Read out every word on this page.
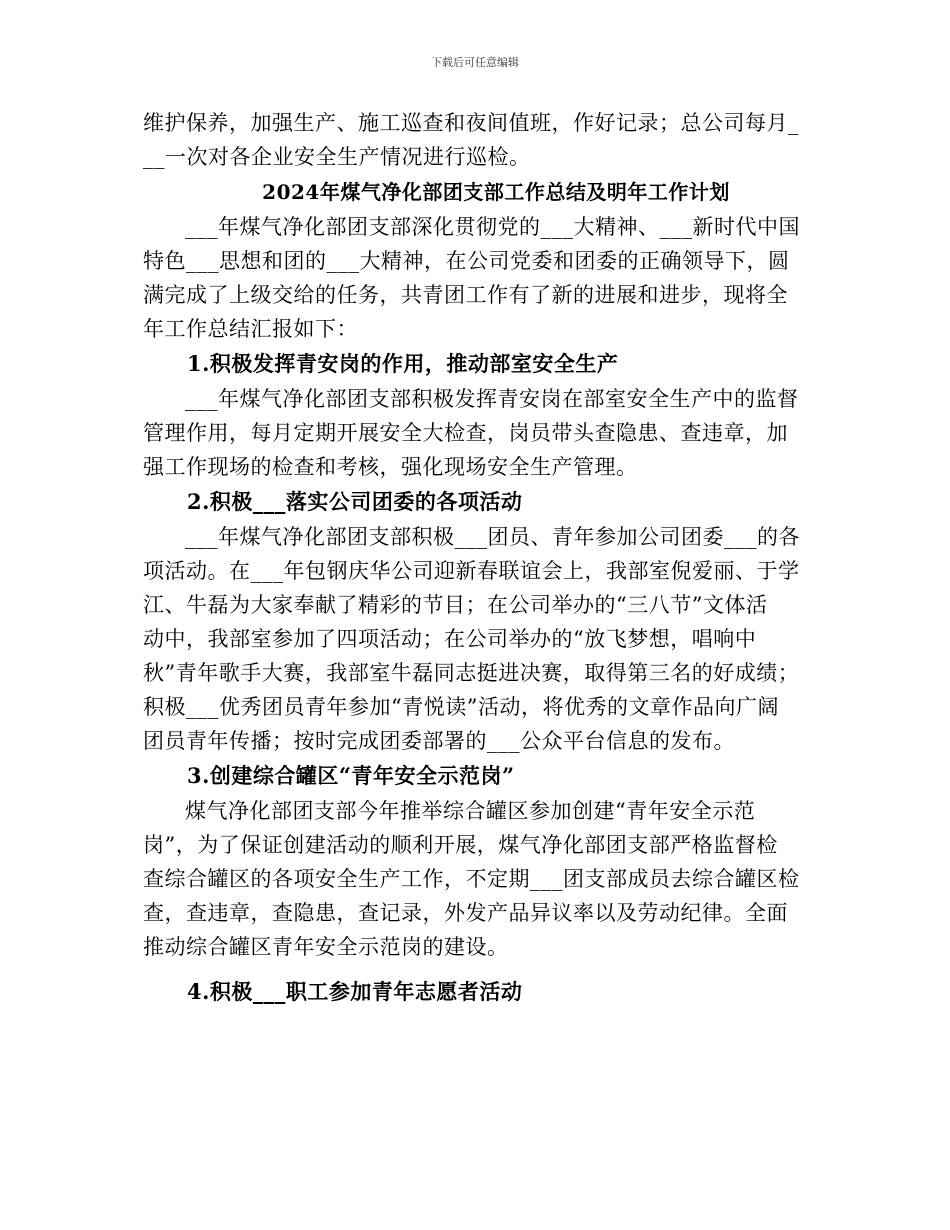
下载后可任意编辑
维护保养，加强生产、施工巡查和夜间值班，作好记录；总公司每月_
__一次对各企业安全生产情况进行巡检。
2024年煤气净化部团支部工作总结及明年工作计划
___年煤气净化部团支部深化贯彻党的___大精神、___新时代中国
特色___思想和团的___大精神，在公司党委和团委的正确领导下，圆
满完成了上级交给的任务，共青团工作有了新的进展和进步，现将全
年工作总结汇报如下：
1.积极发挥青安岗的作用，推动部室安全生产
___年煤气净化部团支部积极发挥青安岗在部室安全生产中的监督
管理作用，每月定期开展安全大检查，岗员带头查隐患、查违章，加
强工作现场的检查和考核，强化现场安全生产管理。
2.积极___落实公司团委的各项活动
___年煤气净化部团支部积极___团员、青年参加公司团委___的各
项活动。在___年包钢庆华公司迎新春联谊会上，我部室倪爱丽、于学
江、牛磊为大家奉献了精彩的节目；在公司举办的“三八节”文体活
动中，我部室参加了四项活动；在公司举办的“放飞梦想，唱响中
秋”青年歌手大赛，我部室牛磊同志挺进决赛，取得第三名的好成绩；
积极___优秀团员青年参加“青悦读”活动，将优秀的文章作品向广阔
团员青年传播；按时完成团委部署的___公众平台信息的发布。
3.创建综合罐区“青年安全示范岗”
煤气净化部团支部今年推举综合罐区参加创建“青年安全示范
岗”，为了保证创建活动的顺利开展，煤气净化部团支部严格监督检
查综合罐区的各项安全生产工作，不定期___团支部成员去综合罐区检
查，查违章，查隐患，查记录，外发产品异议率以及劳动纪律。全面
推动综合罐区青年安全示范岗的建设。
4.积极___职工参加青年志愿者活动
